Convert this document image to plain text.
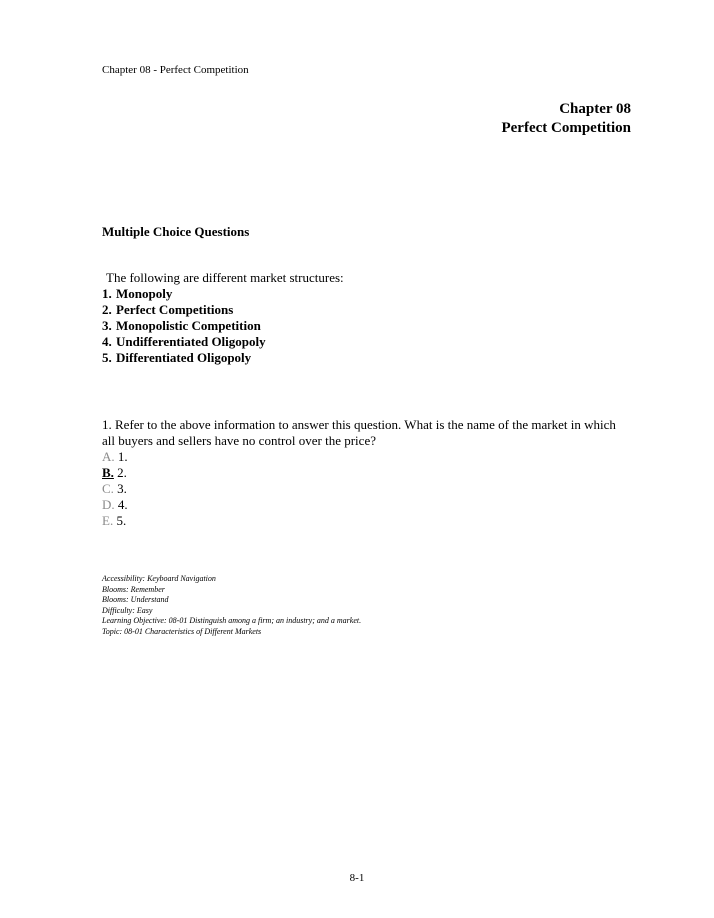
Chapter 08 - Perfect Competition
Chapter 08
Perfect Competition
Multiple Choice Questions
The following are different market structures:
1. Monopoly
2. Perfect Competitions
3. Monopolistic Competition
4. Undifferentiated Oligopoly
5. Differentiated Oligopoly
1. Refer to the above information to answer this question. What is the name of the market in which all buyers and sellers have no control over the price?
A. 1.
B. 2.
C. 3.
D. 4.
E. 5.
Accessibility: Keyboard Navigation
Blooms: Remember
Blooms: Understand
Difficulty: Easy
Learning Objective: 08-01 Distinguish among a firm; an industry; and a market.
Topic: 08-01 Characteristics of Different Markets
8-1
